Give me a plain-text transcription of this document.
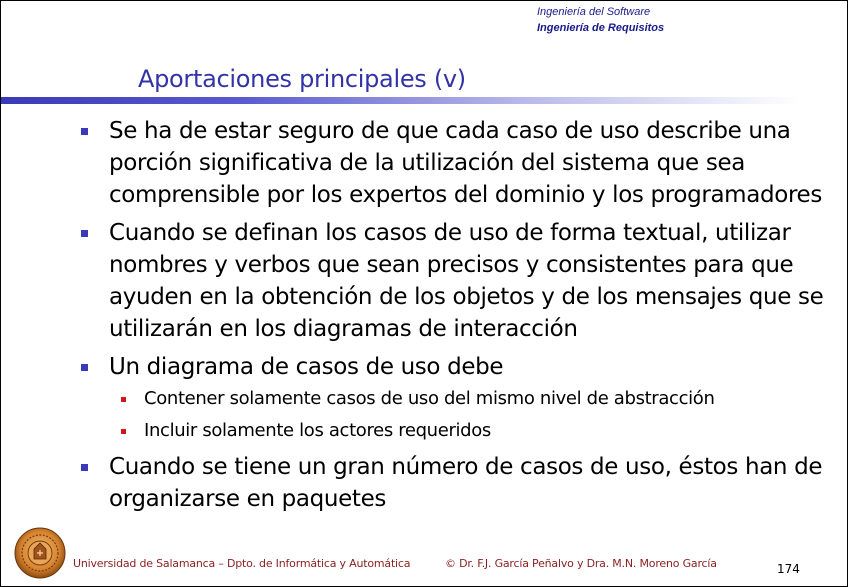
Ingeniería del Software
Ingeniería de Requisitos
Aportaciones principales (v)
Se ha de estar seguro de que cada caso de uso describe una porción significativa de la utilización del sistema que sea comprensible por los expertos del dominio y los programadores
Cuando se definan los casos de uso de forma textual, utilizar nombres y verbos que sean precisos y consistentes para que ayuden en la obtención de los objetos y de los mensajes que se utilizarán en los diagramas de interacción
Un diagrama de casos de uso debe
Contener solamente casos de uso del mismo nivel de abstracción
Incluir solamente los actores requeridos
Cuando se tiene un gran número de casos de uso, éstos han de organizarse en paquetes
Universidad de Salamanca – Dpto. de Informática y Automática	© Dr. F.J. García Peñalvo y Dra. M.N. Moreno García	174
